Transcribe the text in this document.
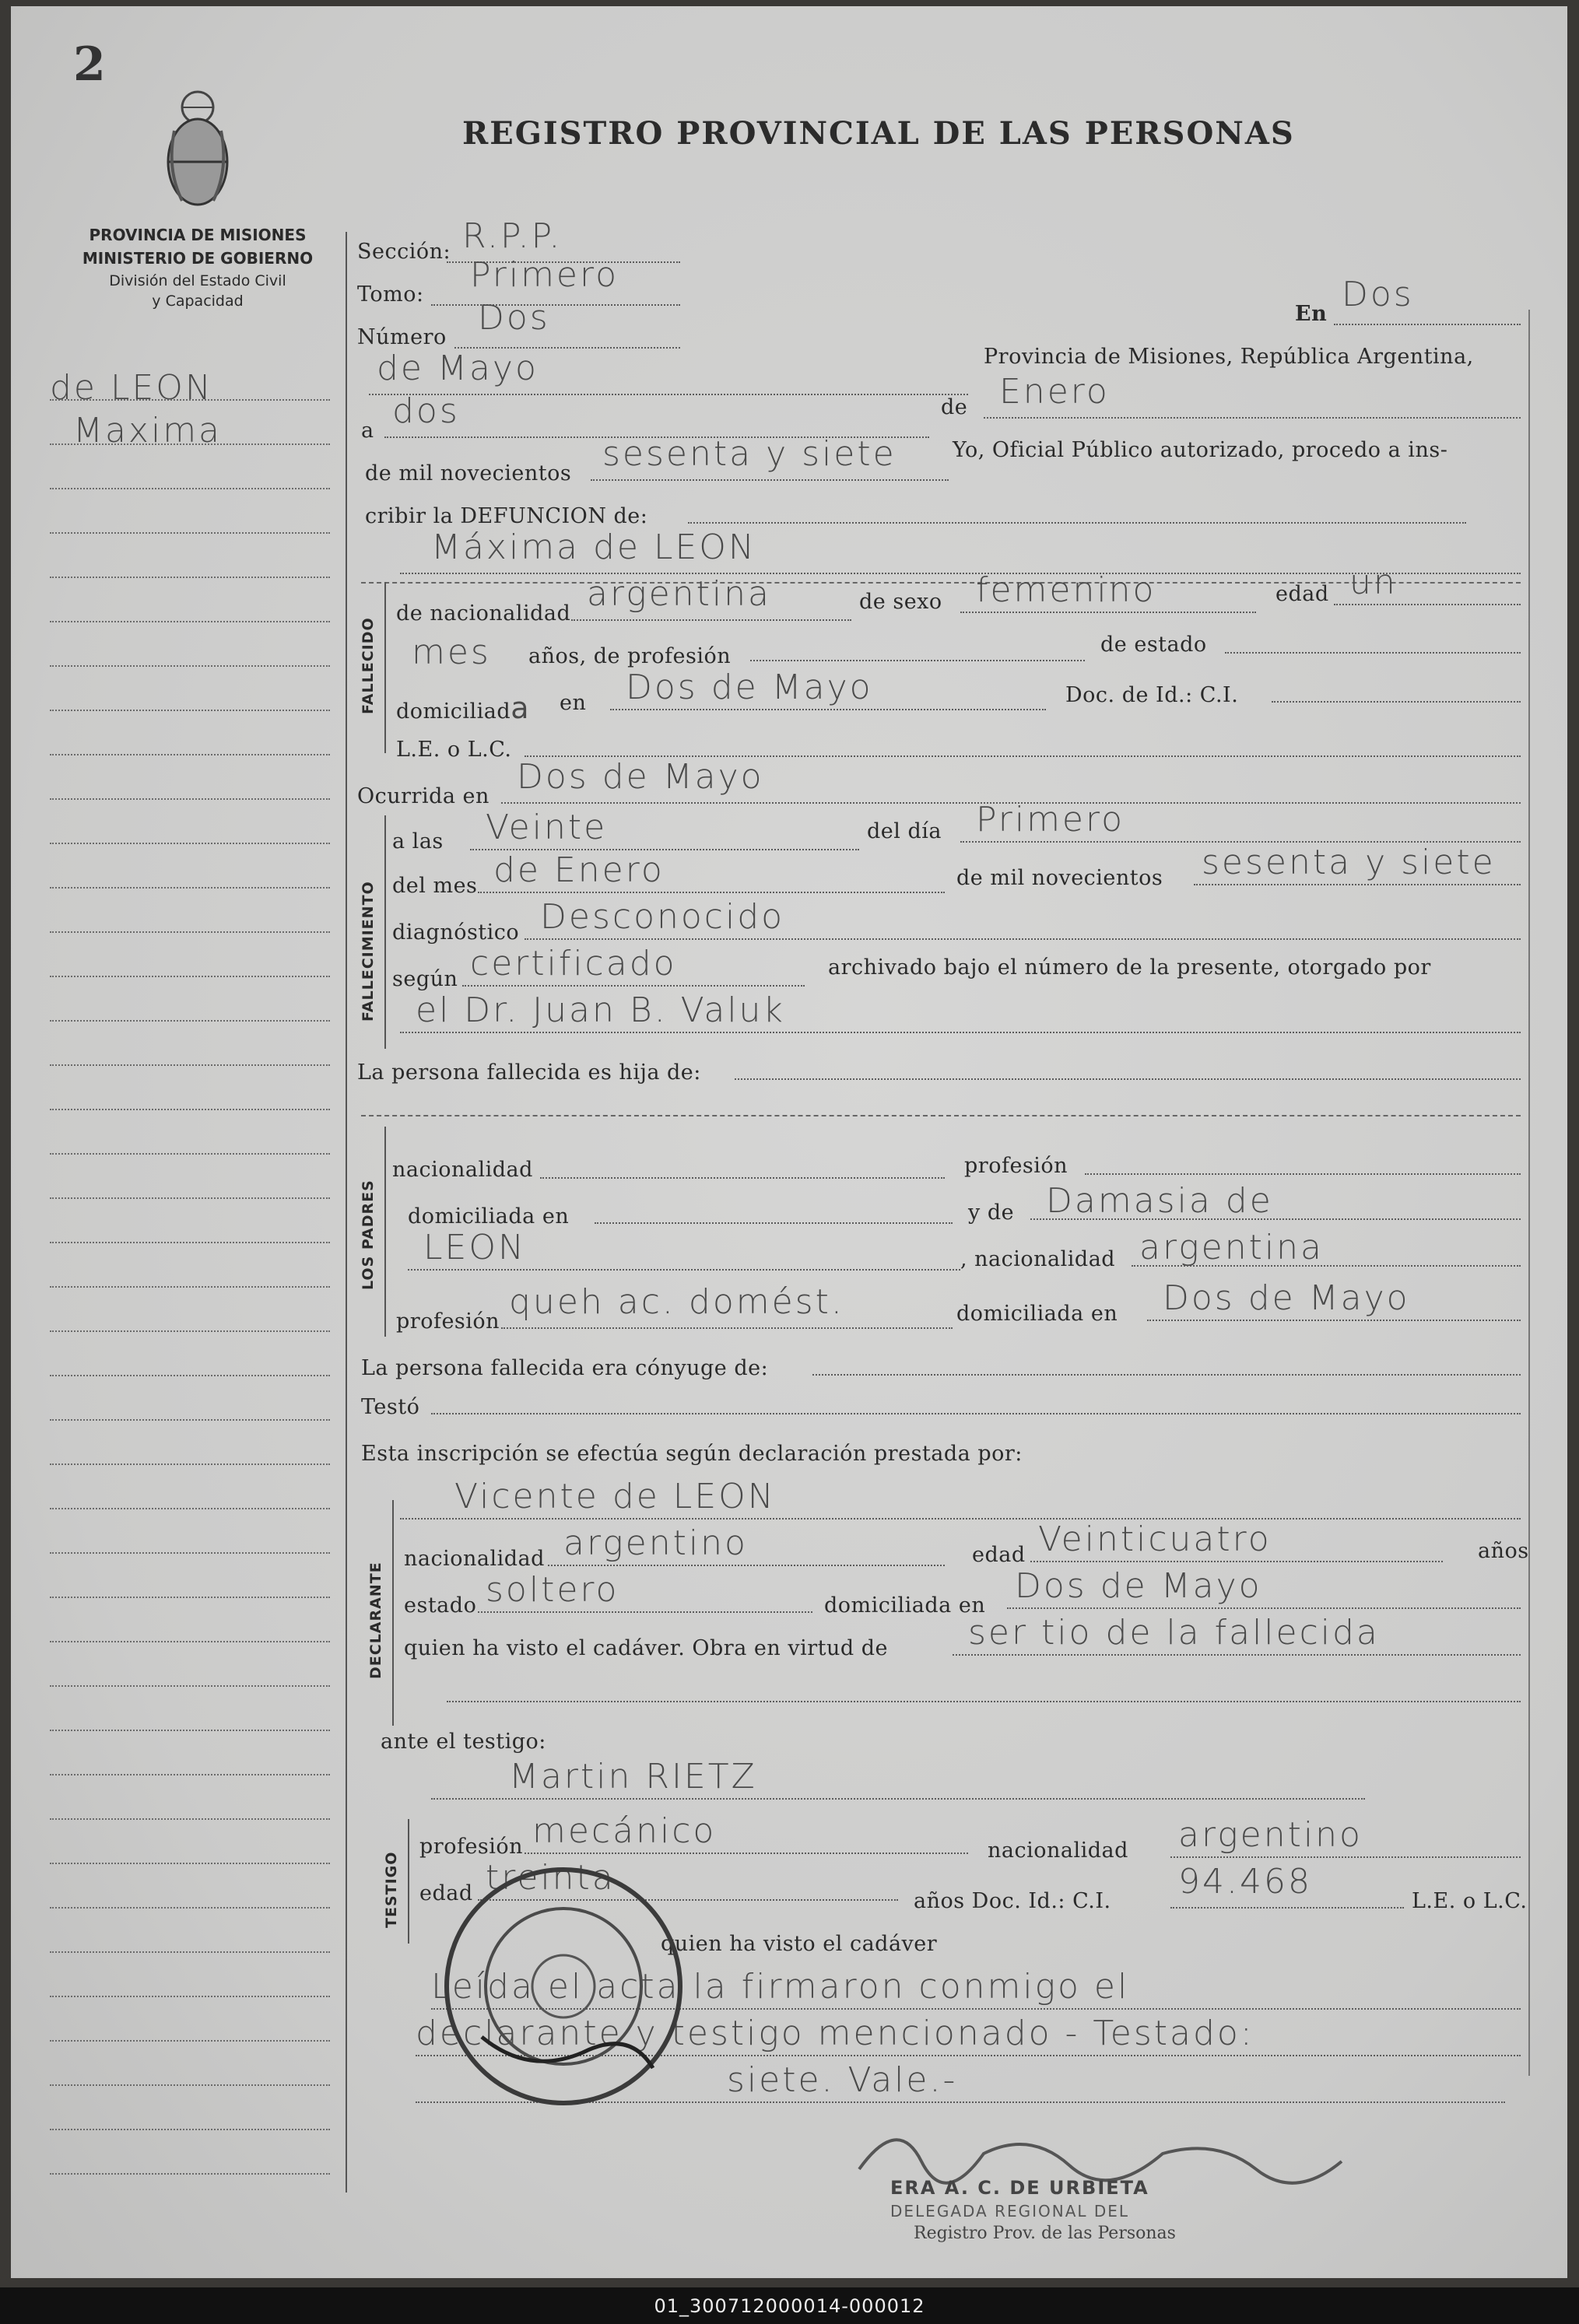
2
REGISTRO PROVINCIAL DE LAS PERSONAS
PROVINCIA DE MISIONES
MINISTERIO DE GOBIERNO
División del Estado Civil
y Capacidad
de LEON
Maxima
Sección: R.P.P.
Tomo: Primero
Número Dos	En Dos
de Mayo	Provincia de Misiones, República Argentina,
a dos	de Enero
de mil novecientos sesenta y siete	Yo, Oficial Público autorizado, procedo a ins-
cribir la DEFUNCION de:
FALLECIDO
Máxima de LEON
de nacionalidad argentina	de sexo femenino	edad un
mes años, de profesión	de estado
domiciliada en Dos de Mayo	Doc. de Id.: C.I.
L.E. o L.C.
Ocurrida en Dos de Mayo
FALLECIMIENTO
a las Veinte	del día Primero
del mes de Enero	de mil novecientos sesenta y siete
diagnóstico Desconocido
según certificado	archivado bajo el número de la presente, otorgado por
el Dr. Juan B. Valuk
La persona fallecida es hija de:
LOS PADRES
nacionalidad	profesión
domiciliada en	y de Damasia de
LEON	, nacionalidad argentina
profesión queh ac. domést.	domiciliada en Dos de Mayo
La persona fallecida era cónyuge de:
Testó
Esta inscripción se efectúa según declaración prestada por:
Vicente de LEON
DECLARANTE
nacionalidad argentino	edad Veinticuatro	años
estado soltero	domiciliada en Dos de Mayo
quien ha visto el cadáver. Obra en virtud de ser tio de la fallecida
ante el testigo:
Martin RIETZ
TESTIGO
profesión mecánico	nacionalidad argentino
edad treinta
años Doc. Id.: C.I. 94.468	L.E. o L.C.
quien ha visto el cadáver
Leída el acta la firmaron conmigo el
declarante y testigo mencionado - Testado:
siete. Vale.-
ERA A. C. DE URBIETA
DELEGADA REGIONAL DEL
Registro Prov. de las Personas
01_300712000014-000012
